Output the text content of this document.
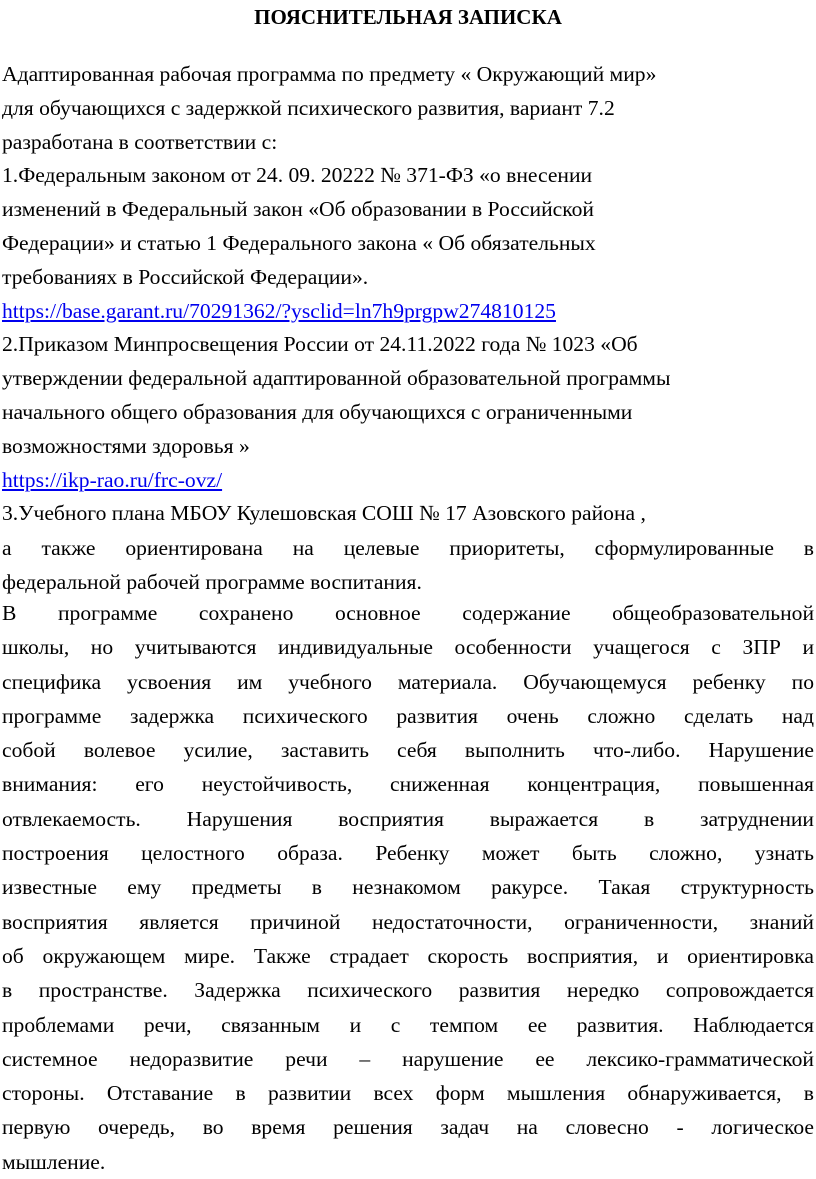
ПОЯСНИТЕЛЬНАЯ ЗАПИСКА
Адаптированная рабочая программа по предмету « Окружающий мир»
для обучающихся с задержкой психического развития, вариант 7.2
разработана в соответствии с:
1.Федеральным законом от 24. 09. 20222 № 371-ФЗ «о внесении
изменений в Федеральный закон «Об образовании в Российской
Федерации» и статью 1 Федерального закона « Об обязательных
требованиях в Российской Федерации».
https://base.garant.ru/70291362/?ysclid=ln7h9prgpw274810125
2.Приказом Минпросвещения России от 24.11.2022 года № 1023 «Об
утверждении федеральной адаптированной образовательной программы
начального общего образования для обучающихся с ограниченными
возможностями здоровья »
https://ikp-rao.ru/frc-ovz/
3.Учебного плана МБОУ Кулешовская СОШ № 17 Азовского района ,
а также ориентирована на целевые приоритеты, сформулированные в
федеральной рабочей программе воспитания.
В программе сохранено основное содержание общеобразовательной
школы, но учитываются индивидуальные особенности учащегося с ЗПР и
специфика усвоения им учебного материала. Обучающемуся ребенку по
программе задержка психического развития очень сложно сделать над
собой волевое усилие, заставить себя выполнить что-либо. Нарушение
внимания: его неустойчивость, сниженная концентрация, повышенная
отвлекаемость. Нарушения восприятия выражается в затруднении
построения целостного образа. Ребенку может быть сложно, узнать
известные ему предметы в незнакомом ракурсе. Такая структурность
восприятия является причиной недостаточности, ограниченности, знаний
об окружающем мире. Также страдает скорость восприятия, и ориентировка
в пространстве. Задержка психического развития нередко сопровождается
проблемами речи, связанным и с темпом ее развития. Наблюдается
системное недоразвитие речи – нарушение ее лексико-грамматической
стороны. Отставание в развитии всех форм мышления обнаруживается, в
первую очередь, во время решения задач на словесно - логическое
мышление.
